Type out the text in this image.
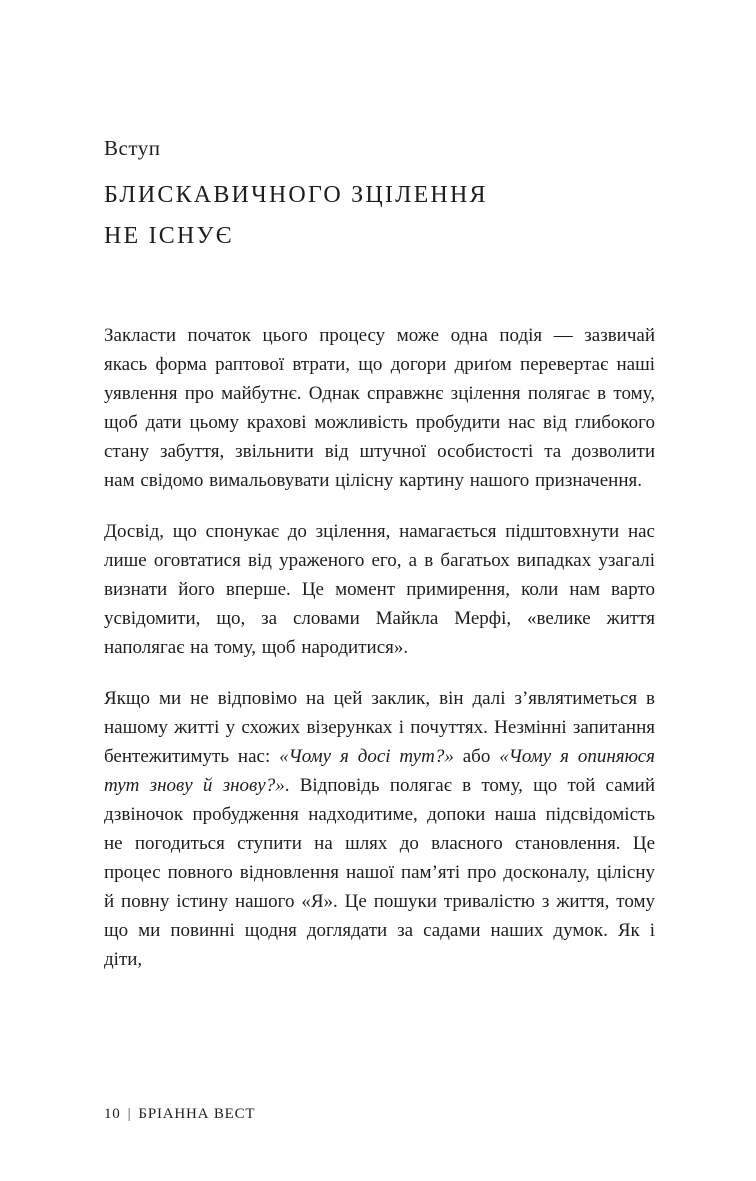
Вступ
БЛИСКАВИЧНОГО ЗЦІЛЕННЯ
НЕ ІСНУЄ

Закласти початок цього процесу може одна подія — зазвичай якась форма раптової втрати, що догори дриґом перевертає наші уявлення про майбутнє. Однак справжнє зцілення полягає в тому, щоб дати цьому крахові можливість пробудити нас від глибокого стану забуття, звільнити від штучної особистості та дозволити нам свідомо вимальовувати цілісну картину нашого призначення.

Досвід, що спонукає до зцілення, намагається підштовхнути нас лише оговтатися від ураженого его, а в багатьох випадках узагалі визнати його вперше. Це момент примирення, коли нам варто усвідомити, що, за словами Майкла Мерфі, «велике життя наполягає на тому, щоб народитися».

Якщо ми не відповімо на цей заклик, він далі з’являтиметься в нашому житті у схожих візерунках і почуттях. Незмінні запитання бентежитимуть нас: «Чому я досі тут?» або «Чому я опиняюся тут знову й знову?». Відповідь полягає в тому, що той самий дзвіночок пробудження надходитиме, допоки наша підсвідомість не погодиться ступити на шлях до власного становлення. Це процес повного відновлення нашої пам’яті про досконалу, цілісну й повну істину нашого «Я». Це пошуки тривалістю з життя, тому що ми повинні щодня доглядати за садами наших думок. Як і діти,

10 | БРІАННА ВЕСТ
